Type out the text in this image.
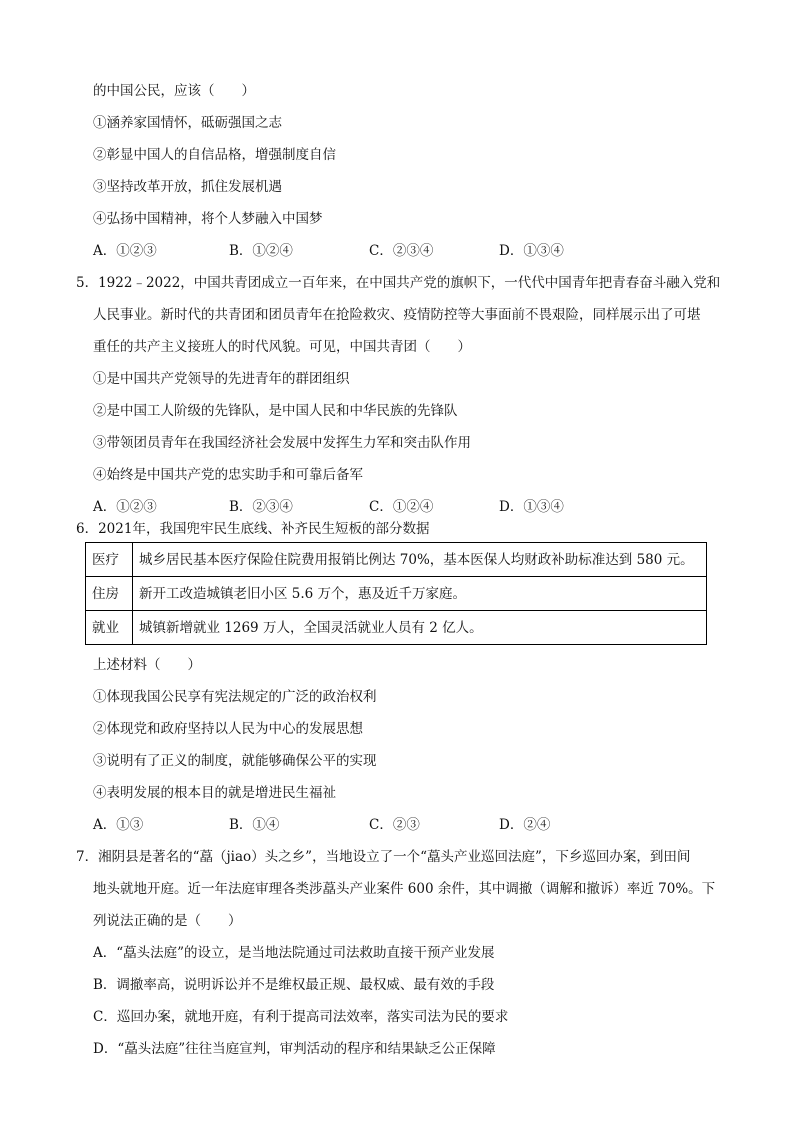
的中国公民，应该（　　）
①涵养家国情怀，砥砺强国之志
②彰显中国人的自信品格，增强制度自信
③坚持改革开放，抓住发展机遇
④弘扬中国精神，将个人梦融入中国梦
A．①②③	B．①②④	C．②③④	D．①③④
5．1922﹣2022，中国共青团成立一百年来，在中国共产党的旗帜下，一代代中国青年把青春奋斗融入党和
人民事业。新时代的共青团和团员青年在抢险救灾、疫情防控等大事面前不畏艰险，同样展示出了可堪
重任的共产主义接班人的时代风貌。可见，中国共青团（　　）
①是中国共产党领导的先进青年的群团组织
②是中国工人阶级的先锋队，是中国人民和中华民族的先锋队
③带领团员青年在我国经济社会发展中发挥生力军和突击队作用
④始终是中国共产党的忠实助手和可靠后备军
A．①②③	B．②③④	C．①②④	D．①③④
6．2021年，我国兜牢民生底线、补齐民生短板的部分数据
医疗	城乡居民基本医疗保险住院费用报销比例达 70%，基本医保人均财政补助标准达到 580 元。
住房	新开工改造城镇老旧小区 5.6 万个，惠及近千万家庭。
就业	城镇新增就业 1269 万人，全国灵活就业人员有 2 亿人。
上述材料（　　）
①体现我国公民享有宪法规定的广泛的政治权利
②体现党和政府坚持以人民为中心的发展思想
③说明有了正义的制度，就能够确保公平的实现
④表明发展的根本目的就是增进民生福祉
A．①③	B．①④	C．②③	D．②④
7．湘阴县是著名的“藠（jiao）头之乡”，当地设立了一个“藠头产业巡回法庭”，下乡巡回办案，到田间
地头就地开庭。近一年法庭审理各类涉藠头产业案件 600 余件，其中调撤（调解和撤诉）率近 70%。下
列说法正确的是（　　）
A．“藠头法庭”的设立，是当地法院通过司法救助直接干预产业发展
B．调撤率高，说明诉讼并不是维权最正规、最权威、最有效的手段
C．巡回办案，就地开庭，有利于提高司法效率，落实司法为民的要求
D．“藠头法庭”往往当庭宣判，审判活动的程序和结果缺乏公正保障
